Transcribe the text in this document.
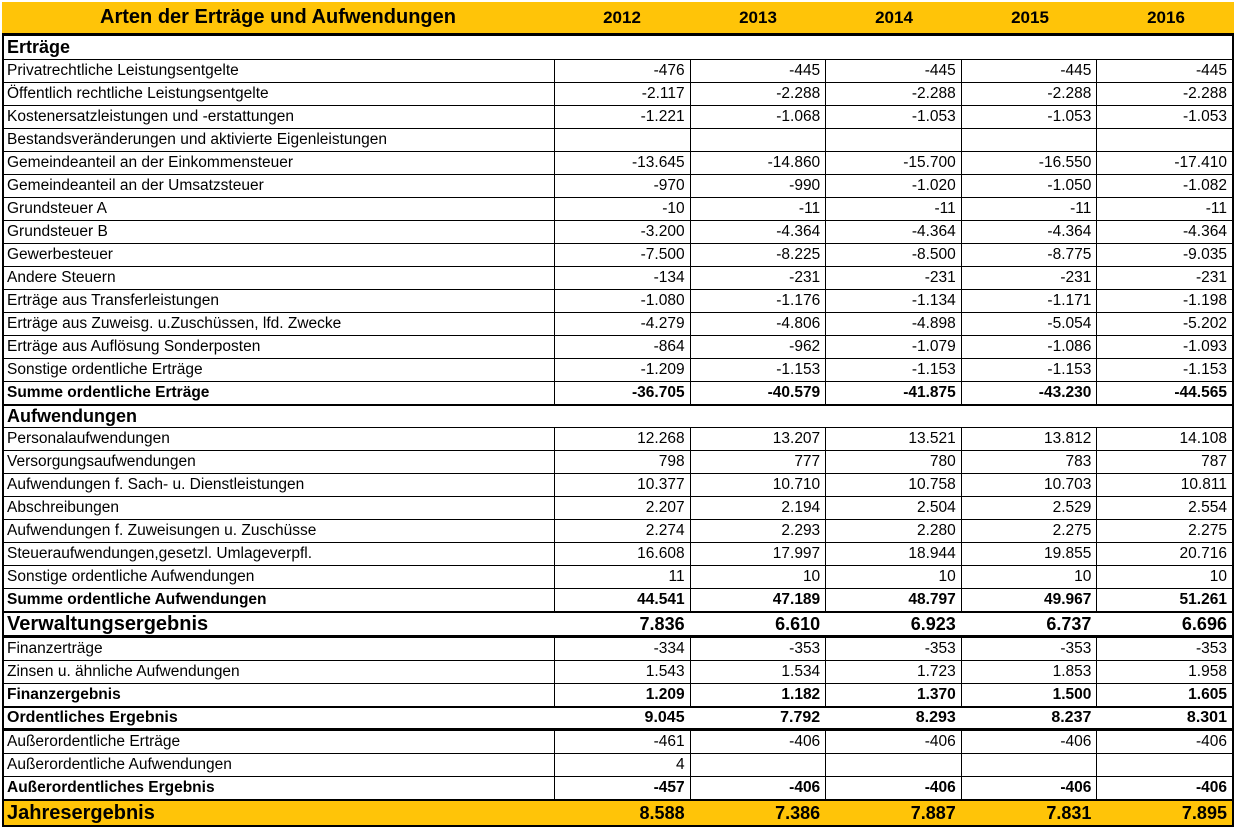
Arten der Erträge und Aufwendungen	2012	2013	2014	2015	2016
Erträge
Privatrechtliche Leistungsentgelte	-476	-445	-445	-445	-445
Öffentlich rechtliche Leistungsentgelte	-2.117	-2.288	-2.288	-2.288	-2.288
Kostenersatzleistungen und -erstattungen	-1.221	-1.068	-1.053	-1.053	-1.053
Bestandsveränderungen und aktivierte Eigenleistungen
Gemeindeanteil an der Einkommensteuer	-13.645	-14.860	-15.700	-16.550	-17.410
Gemeindeanteil an der Umsatzsteuer	-970	-990	-1.020	-1.050	-1.082
Grundsteuer A	-10	-11	-11	-11	-11
Grundsteuer B	-3.200	-4.364	-4.364	-4.364	-4.364
Gewerbesteuer	-7.500	-8.225	-8.500	-8.775	-9.035
Andere Steuern	-134	-231	-231	-231	-231
Erträge aus Transferleistungen	-1.080	-1.176	-1.134	-1.171	-1.198
Erträge aus Zuweisg. u.Zuschüssen, lfd. Zwecke	-4.279	-4.806	-4.898	-5.054	-5.202
Erträge aus Auflösung Sonderposten	-864	-962	-1.079	-1.086	-1.093
Sonstige ordentliche Erträge	-1.209	-1.153	-1.153	-1.153	-1.153
Summe ordentliche Erträge	-36.705	-40.579	-41.875	-43.230	-44.565
Aufwendungen
Personalaufwendungen	12.268	13.207	13.521	13.812	14.108
Versorgungsaufwendungen	798	777	780	783	787
Aufwendungen f. Sach- u. Dienstleistungen	10.377	10.710	10.758	10.703	10.811
Abschreibungen	2.207	2.194	2.504	2.529	2.554
Aufwendungen f. Zuweisungen u. Zuschüsse	2.274	2.293	2.280	2.275	2.275
Steueraufwendungen,gesetzl. Umlageverpfl.	16.608	17.997	18.944	19.855	20.716
Sonstige ordentliche Aufwendungen	11	10	10	10	10
Summe ordentliche Aufwendungen	44.541	47.189	48.797	49.967	51.261
Verwaltungsergebnis	7.836	6.610	6.923	6.737	6.696
Finanzerträge	-334	-353	-353	-353	-353
Zinsen u. ähnliche Aufwendungen	1.543	1.534	1.723	1.853	1.958
Finanzergebnis	1.209	1.182	1.370	1.500	1.605
Ordentliches Ergebnis	9.045	7.792	8.293	8.237	8.301
Außerordentliche Erträge	-461	-406	-406	-406	-406
Außerordentliche Aufwendungen	4
Außerordentliches Ergebnis	-457	-406	-406	-406	-406
Jahresergebnis	8.588	7.386	7.887	7.831	7.895
